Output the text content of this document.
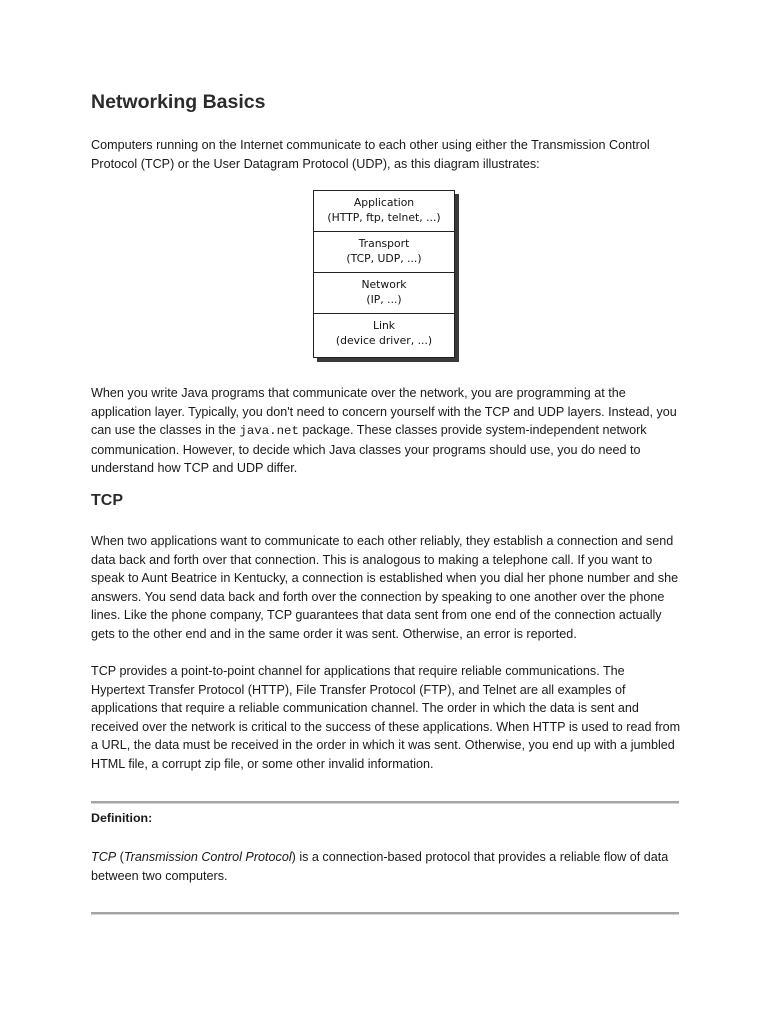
Networking Basics

Computers running on the Internet communicate to each other using either the Transmission Control Protocol (TCP) or the User Datagram Protocol (UDP), as this diagram illustrates:

Application
(HTTP, ftp, telnet, ...)
Transport
(TCP, UDP, ...)
Network
(IP, ...)
Link
(device driver, ...)

When you write Java programs that communicate over the network, you are programming at the application layer. Typically, you don't need to concern yourself with the TCP and UDP layers. Instead, you can use the classes in the java.net package. These classes provide system-independent network communication. However, to decide which Java classes your programs should use, you do need to understand how TCP and UDP differ.

TCP

When two applications want to communicate to each other reliably, they establish a connection and send data back and forth over that connection. This is analogous to making a telephone call. If you want to speak to Aunt Beatrice in Kentucky, a connection is established when you dial her phone number and she answers. You send data back and forth over the connection by speaking to one another over the phone lines. Like the phone company, TCP guarantees that data sent from one end of the connection actually gets to the other end and in the same order it was sent. Otherwise, an error is reported.

TCP provides a point-to-point channel for applications that require reliable communications. The Hypertext Transfer Protocol (HTTP), File Transfer Protocol (FTP), and Telnet are all examples of applications that require a reliable communication channel. The order in which the data is sent and received over the network is critical to the success of these applications. When HTTP is used to read from a URL, the data must be received in the order in which it was sent. Otherwise, you end up with a jumbled HTML file, a corrupt zip file, or some other invalid information.

Definition:

TCP (Transmission Control Protocol) is a connection-based protocol that provides a reliable flow of data between two computers.
